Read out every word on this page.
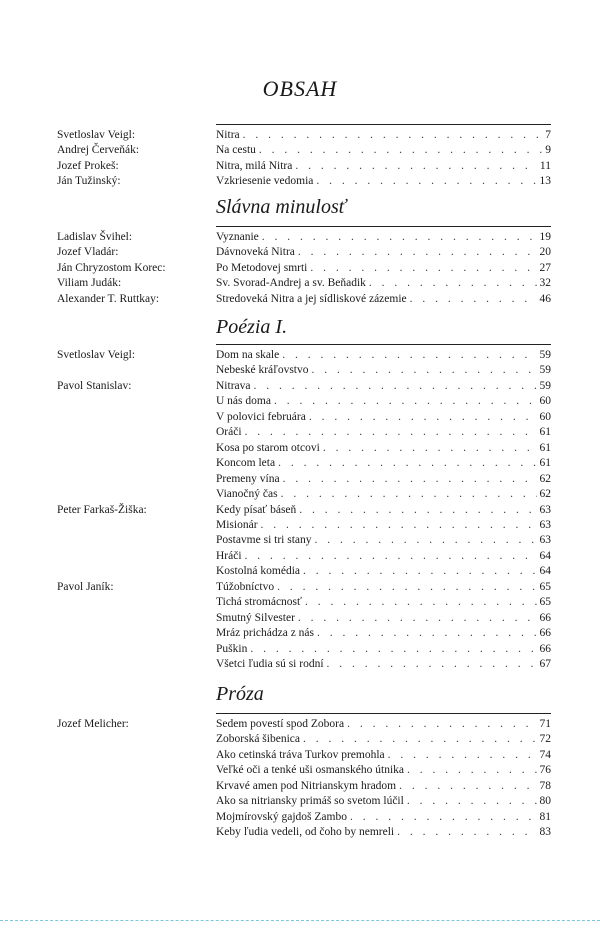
OBSAH
Svetloslav Veigl:	Nitra . . .	7
Andrej Červeňák:	Na cestu . . .	9
Jozef Prokeš:	Nitra, milá Nitra . . .	11
Ján Tužinský:	Vzkriesenie vedomia . . .	13
Slávna minulosť
Ladislav Švihel:	Vyznanie . . .	19
Jozef Vladár:	Dávnoveká Nitra . . .	20
Ján Chryzostom Korec:	Po Metodovej smrti . . .	27
Viliam Judák:	Sv. Svorad-Andrej a sv. Beňadik . . .	32
Alexander T. Ruttkay:	Stredoveká Nitra a jej sídliskové zázemie . . .	46
Poézia I.
Svetloslav Veigl:	Dom na skale . . .	59
Nebeské kráľovstvo . . .	59
Pavol Stanislav:	Nitrava . . .	59
U nás doma . . .	60
V polovici februára . . .	60
Oráči . . .	61
Kosa po starom otcovi . . .	61
Koncom leta . . .	61
Premeny vína . . .	62
Vianočný čas . . .	62
Peter Farkaš-Žiška:	Kedy písať báseň . . .	63
Misionár . . .	63
Postavme si tri stany . . .	63
Hráči . . .	64
Kostolná komédia . . .	64
Pavol Janík:	Túžobníctvo . . .	65
Tichá stromácnosť . . .	65
Smutný Silvester . . .	66
Mráz prichádza z nás . . .	66
Puškin . . .	66
Všetci ľudia sú si rodní . . .	67
Próza
Jozef Melicher:	Sedem povestí spod Zobora . . .	71
Zoborská šibenica . . .	72
Ako cetinská tráva Turkov premohla . . .	74
Veľké oči a tenké uši osmanského útnika . . .	76
Krvavé amen pod Nitrianskym hradom . . .	78
Ako sa nitriansky primáš so svetom lúčil . . .	80
Mojmírovský gajdoš Zambo . . .	81
Keby ľudia vedeli, od čoho by nemreli . . .	83
